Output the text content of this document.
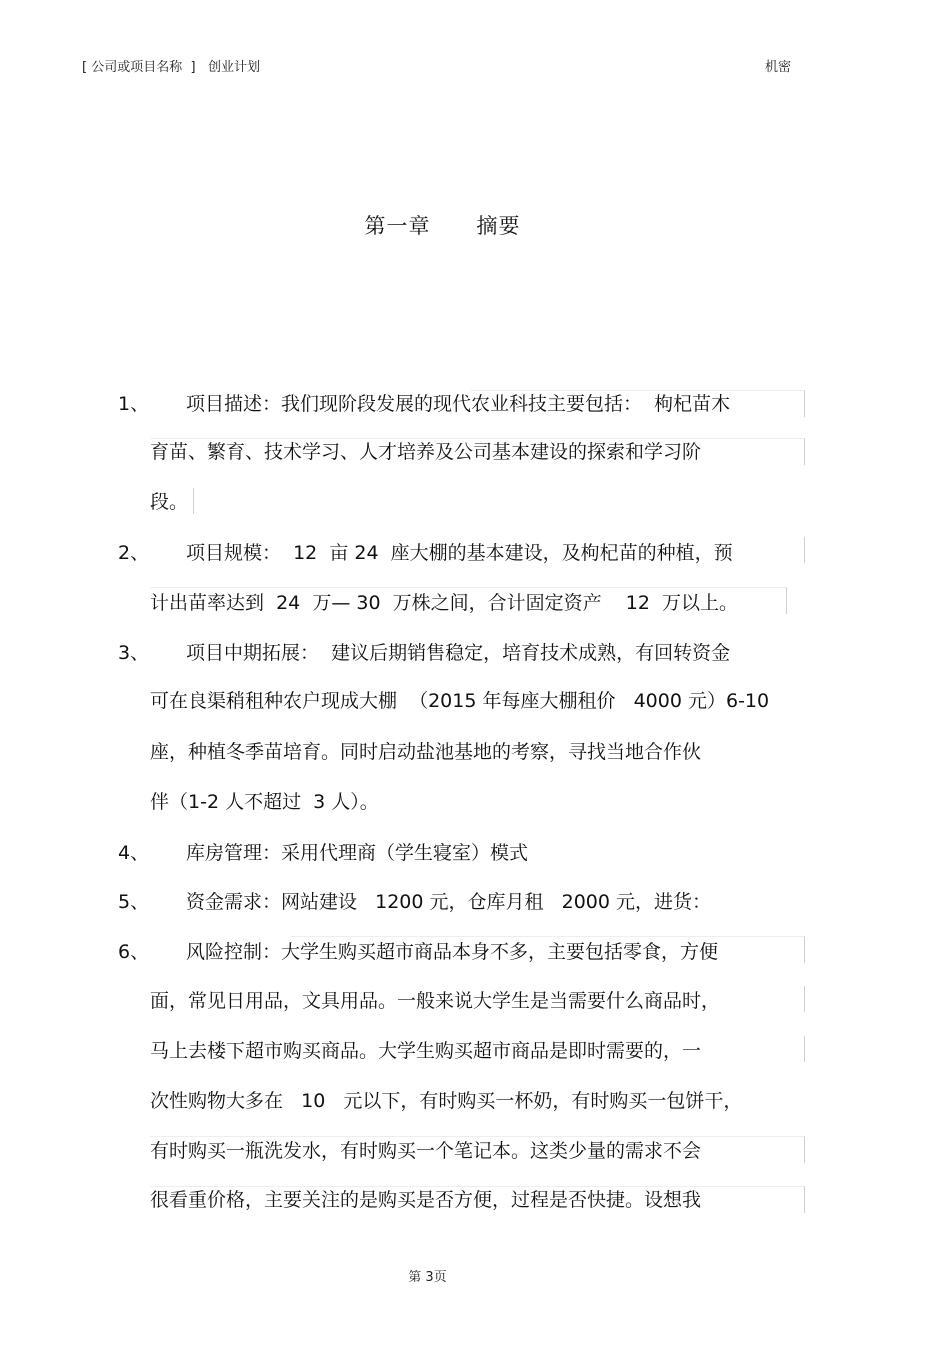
[ 公司或项目名称  ]   创业计划	机密
第一章 摘要
1、 项目描述：我们现阶段发展的现代农业科技主要包括：  枸杞苗木
育苗、繁育、技术学习、人才培养及公司基本建设的探索和学习阶
段。
2、 项目规模：  12  亩 24  座大棚的基本建设，及枸杞苗的种植，预
计出苗率达到  24  万— 30  万株之间，合计固定资产    12  万以上。
3、 项目中期拓展：  建议后期销售稳定，培育技术成熟，有回转资金
可在良渠稍租种农户现成大棚  （2015 年每座大棚租价   4000 元）6-10
座，种植冬季苗培育。同时启动盐池基地的考察，寻找当地合作伙
伴（1-2 人不超过  3 人）。
4、 库房管理：采用代理商（学生寝室）模式
5、 资金需求：网站建设   1200 元，仓库月租   2000 元，进货：
6、 风险控制：大学生购买超市商品本身不多，主要包括零食，方便
面，常见日用品，文具用品。一般来说大学生是当需要什么商品时，
马上去楼下超市购买商品。大学生购买超市商品是即时需要的，一
次性购物大多在   10   元以下，有时购买一杯奶，有时购买一包饼干，
有时购买一瓶洗发水，有时购买一个笔记本。这类少量的需求不会
很看重价格，主要关注的是购买是否方便，过程是否快捷。设想我
第 3页
